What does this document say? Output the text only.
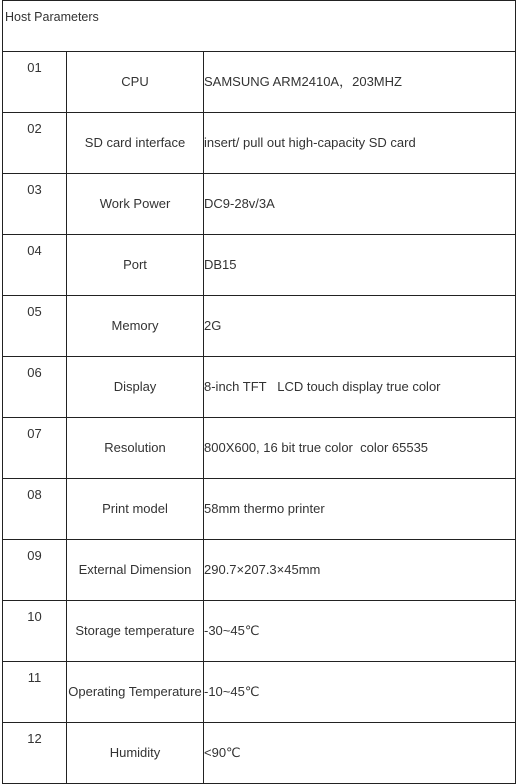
Host Parameters		
01	CPU	SAMSUNG ARM2410A，203MHZ
02	SD card interface	insert/ pull out high-capacity SD card
03	Work Power	DC9-28v/3A
04	Port	DB15
05	Memory	2G
06	Display	8-inch TFT   LCD touch display true color
07	Resolution	800X600, 16 bit true color  color 65535
08	Print model	58mm thermo printer
09	External Dimension	290.7×207.3×45mm
10	Storage temperature	-30~45℃
11	Operating Temperature	-10~45℃
12	Humidity	<90℃
